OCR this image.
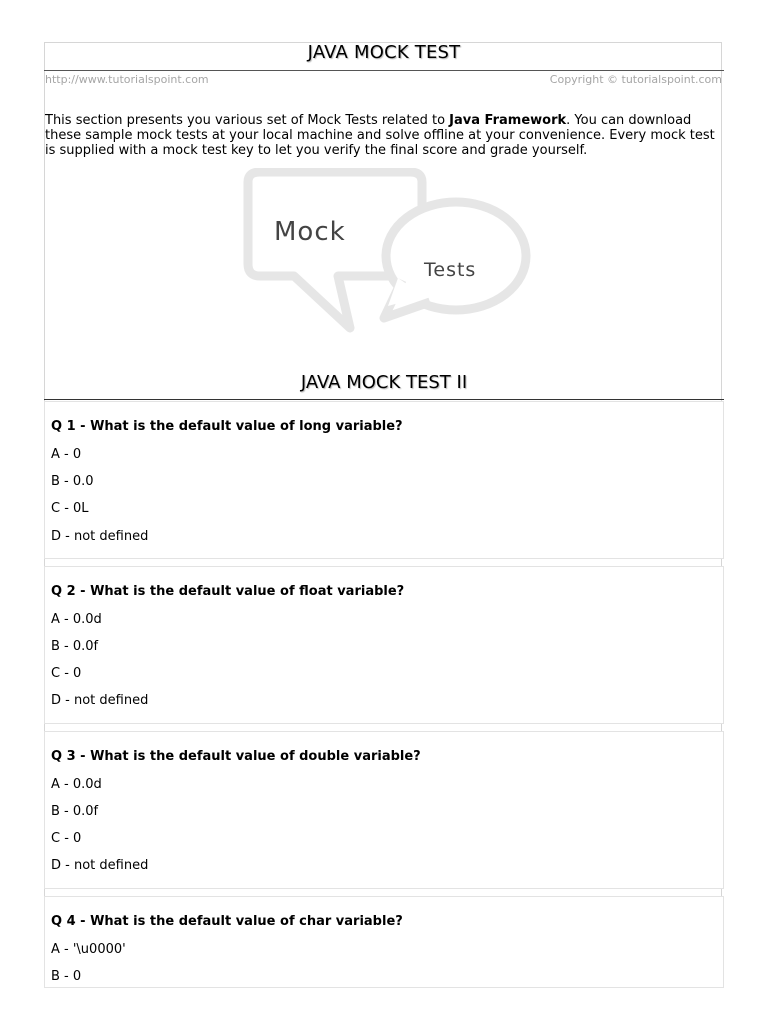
JAVA MOCK TEST
http://www.tutorialspoint.com	Copyright © tutorialspoint.com
This section presents you various set of Mock Tests related to Java Framework. You can download these sample mock tests at your local machine and solve offline at your convenience. Every mock test is supplied with a mock test key to let you verify the final score and grade yourself.
Mock
Tests
JAVA MOCK TEST II
Q 1 - What is the default value of long variable?
A - 0
B - 0.0
C - 0L
D - not defined
Q 2 - What is the default value of float variable?
A - 0.0d
B - 0.0f
C - 0
D - not defined
Q 3 - What is the default value of double variable?
A - 0.0d
B - 0.0f
C - 0
D - not defined
Q 4 - What is the default value of char variable?
A - '\u0000'
B - 0
